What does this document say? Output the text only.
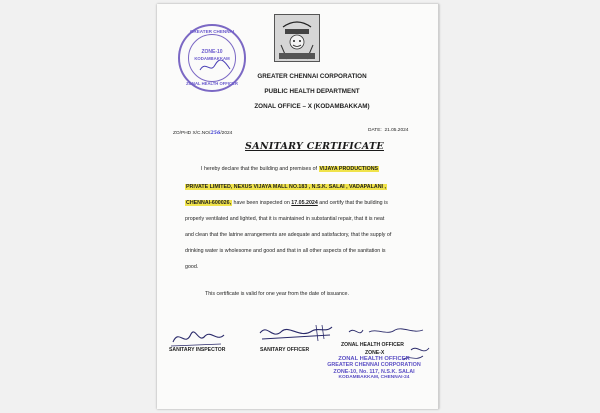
GREATER CHENNAI
ZONE-10
KODAMBAKKAM
ZONAL HEALTH OFFICER
GREATER CHENNAI CORPORATION
PUBLIC HEALTH DEPARTMENT
ZONAL OFFICE – X (KODAMBAKKAM)
ZO/PHD X/C.NO/256/2024
DATE: 21.05.2024
SANITARY CERTIFICATE
I hereby declare that the building and premises of VIJAYA PRODUCTIONS
PRIVATE LIMITED, NEXUS VIJAYA MALL NO.183 , N.S.K. SALAI , VADAPALANI ,
CHENNAI-600026, have been inspected on 17.05.2024 and certify that the building is
properly ventilated and lighted, that it is maintained in substantial repair, that it is neat
and clean that the latrine arrangements are adequate and satisfactory, that the supply of
drinking water is wholesome and good and that in all other aspects of the sanitation is
good.
This certificate is valid for one year from the date of issuance.
SANITARY INSPECTOR	SANITARY OFFICER
ZONAL HEALTH OFFICER
ZONE-X
ZONAL HEALTH OFFICER
GREATER CHENNAI CORPORATION
ZONE-10, No. 117, N.S.K. SALAI
KODAMBAKKAM, CHENNAI-24
